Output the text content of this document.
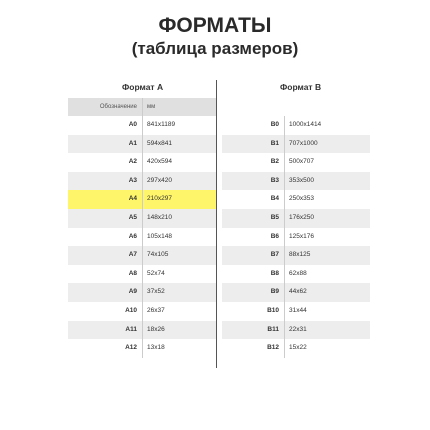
ФОРМАТЫ
(таблица размеров)
Формат А
Обозначение	мм
А0	841x1189
А1	594x841
А2	420x594
А3	297x420
А4	210x297
А5	148x210
А6	105x148
А7	74x105
А8	52x74
А9	37x52
А10	26x37
А11	18x26
А12	13x18
Формат В
В0	1000x1414
В1	707x1000
В2	500x707
В3	353x500
В4	250x353
В5	176x250
В6	125x176
В7	88x125
В8	62x88
В9	44x62
В10	31x44
В11	22x31
В12	15x22
